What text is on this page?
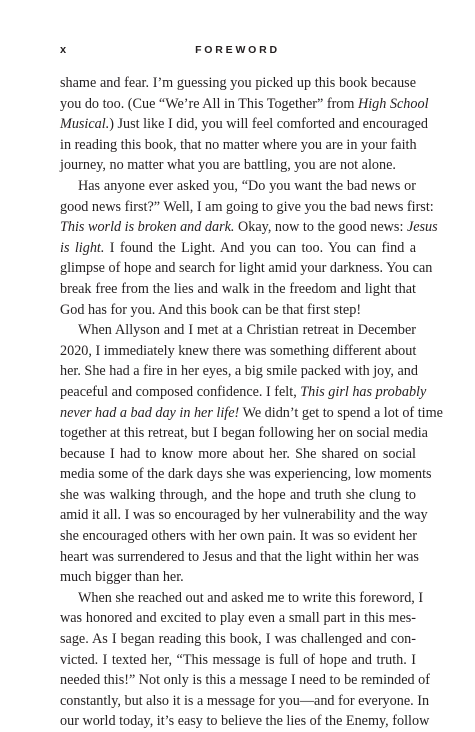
x	FOREWORD
shame and fear. I’m guessing you picked up this book because
you do too. (Cue “We’re All in This Together” from High School
Musical.) Just like I did, you will feel comforted and encouraged
in reading this book, that no matter where you are in your faith
journey, no matter what you are battling, you are not alone.
Has anyone ever asked you, “Do you want the bad news or
good news first?” Well, I am going to give you the bad news first:
This world is broken and dark. Okay, now to the good news: Jesus
is light. I found the Light. And you can too. You can find a
glimpse of hope and search for light amid your darkness. You can
break free from the lies and walk in the freedom and light that
God has for you. And this book can be that first step!
When Allyson and I met at a Christian retreat in December
2020, I immediately knew there was something different about
her. She had a fire in her eyes, a big smile packed with joy, and
peaceful and composed confidence. I felt, This girl has probably
never had a bad day in her life! We didn’t get to spend a lot of time
together at this retreat, but I began following her on social media
because I had to know more about her. She shared on social
media some of the dark days she was experiencing, low moments
she was walking through, and the hope and truth she clung to
amid it all. I was so encouraged by her vulnerability and the way
she encouraged others with her own pain. It was so evident her
heart was surrendered to Jesus and that the light within her was
much bigger than her.
When she reached out and asked me to write this foreword, I
was honored and excited to play even a small part in this mes-
sage. As I began reading this book, I was challenged and con-
victed. I texted her, “This message is full of hope and truth. I
needed this!” Not only is this a message I need to be reminded of
constantly, but also it is a message for you—and for everyone. In
our world today, it’s easy to believe the lies of the Enemy, follow
